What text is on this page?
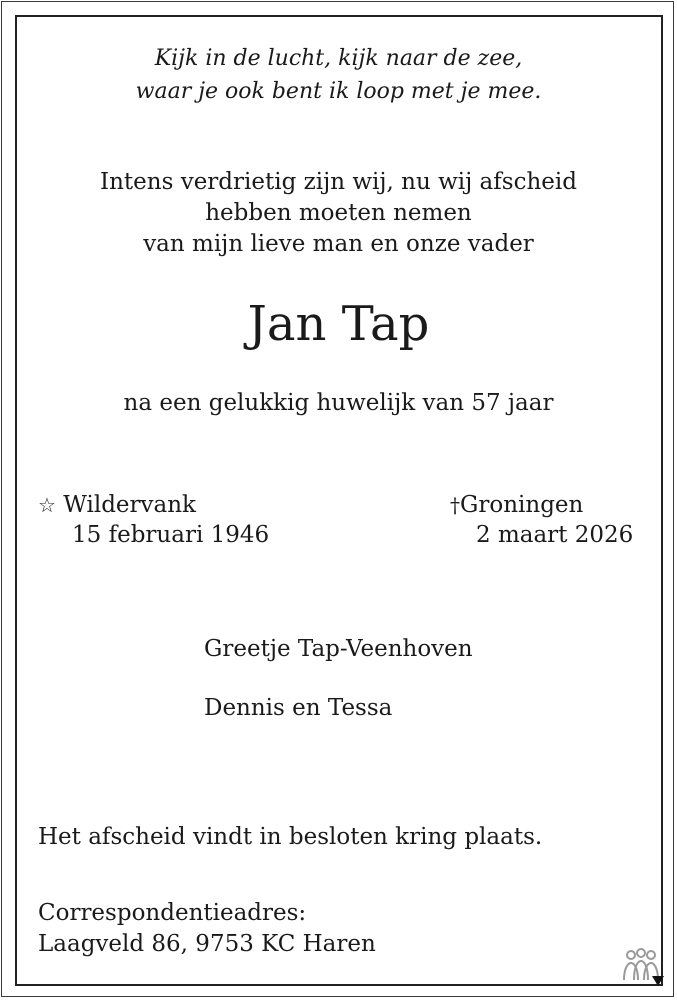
Kijk in de lucht, kijk naar de zee,
waar je ook bent ik loop met je mee.
Intens verdrietig zijn wij, nu wij afscheid
hebben moeten nemen
van mijn lieve man en onze vader
Jan Tap
na een gelukkig huwelijk van 57 jaar
☆ Wildervank
15 februari 1946
†Groningen
2 maart 2026
Greetje Tap-Veenhoven
Dennis en Tessa
Het afscheid vindt in besloten kring plaats.
Correspondentieadres:
Laagveld 86, 9753 KC Haren
